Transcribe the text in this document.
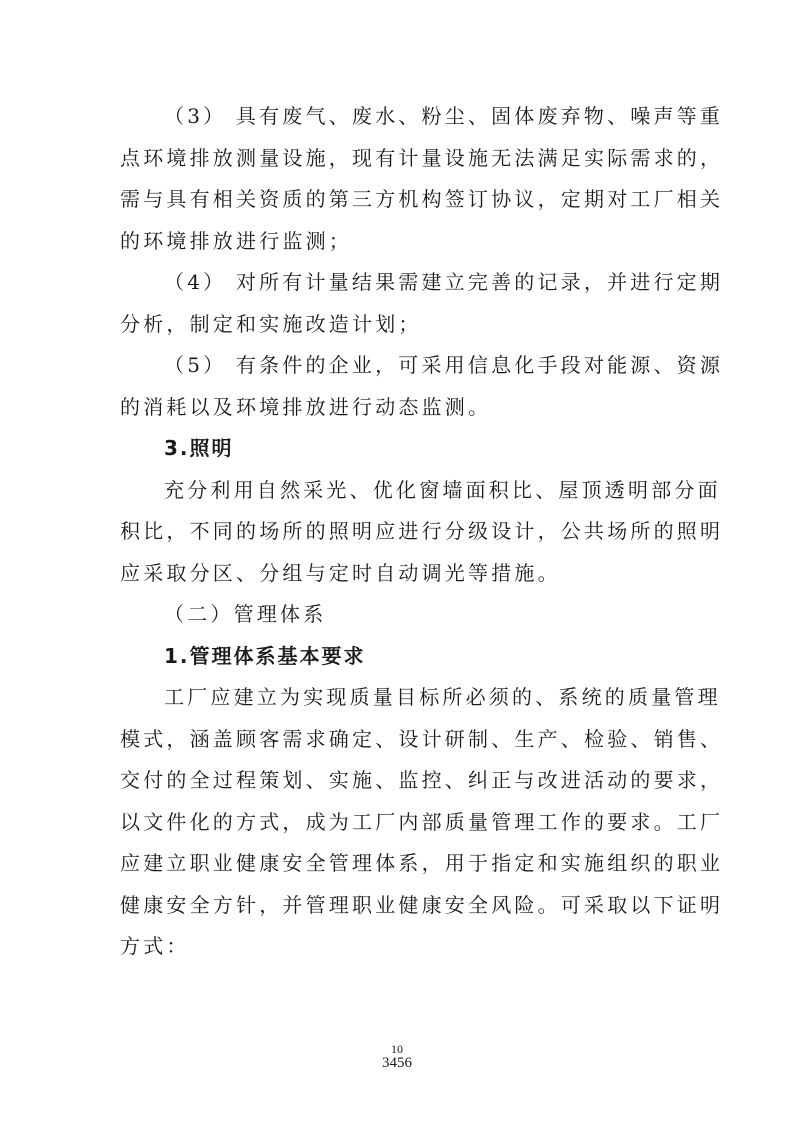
（3） 具有废气、废水、粉尘、固体废弃物、噪声等重
点环境排放测量设施，现有计量设施无法满足实际需求的，
需与具有相关资质的第三方机构签订协议，定期对工厂相关
的环境排放进行监测；
（4） 对所有计量结果需建立完善的记录，并进行定期
分析，制定和实施改造计划；
（5） 有条件的企业，可采用信息化手段对能源、资源
的消耗以及环境排放进行动态监测。
3.照明
充分利用自然采光、优化窗墙面积比、屋顶透明部分面
积比，不同的场所的照明应进行分级设计，公共场所的照明
应采取分区、分组与定时自动调光等措施。
（二）管理体系
1.管理体系基本要求
工厂应建立为实现质量目标所必须的、系统的质量管理
模式，涵盖顾客需求确定、设计研制、生产、检验、销售、
交付的全过程策划、实施、监控、纠正与改进活动的要求，
以文件化的方式，成为工厂内部质量管理工作的要求。工厂
应建立职业健康安全管理体系，用于指定和实施组织的职业
健康安全方针，并管理职业健康安全风险。可采取以下证明
方式：
10
3456
